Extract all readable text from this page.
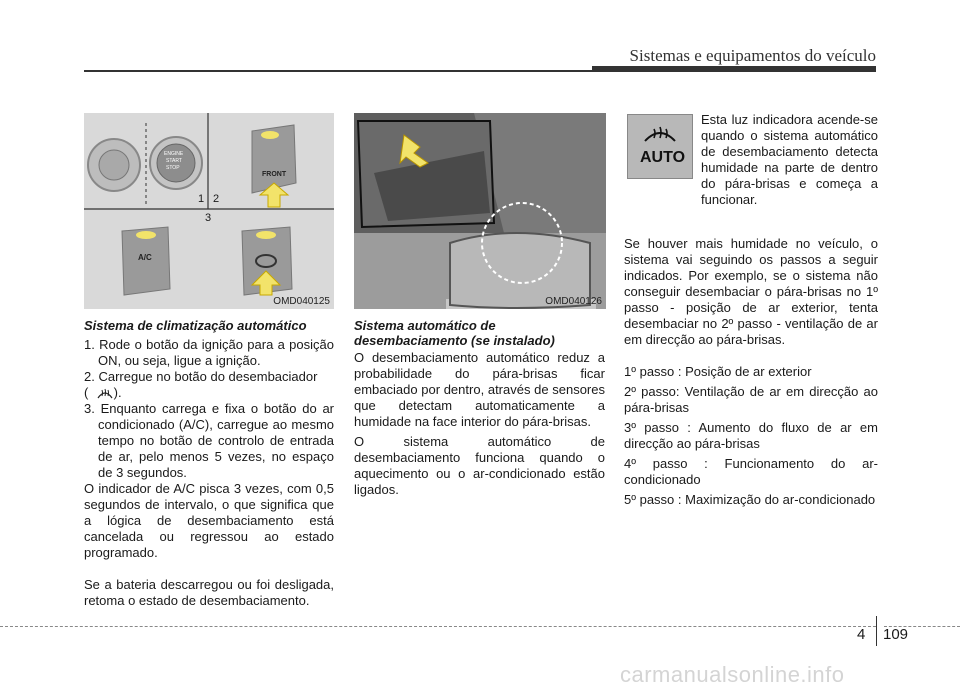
Sistemas e equipamentos do veículo
ENGINE
START
STOP
FRONT
A/C
1 2
3
OMD040125	OMD040126

Sistema de climatização automático

1. Rode o botão da ignição para a posição ON, ou seja, ligue a ignição.

2. Carregue no botão do desembaciador

(       ).

3. Enquanto carrega e fixa o botão do ar condicionado (A/C), carregue ao mesmo tempo no botão de controlo de entrada de ar, pelo menos 5 vezes, no espaço de 3 segundos.

O indicador de A/C pisca 3 vezes, com 0,5 segundos de intervalo, o que significa que a lógica de desembaciamento está cancelada ou regressou ao estado programado.

Se a bateria descarregou ou foi desligada, retoma o estado de desembaciamento.

Sistema automático de

desembaciamento (se instalado)

O desembaciamento automático reduz a probabilidade do pára-brisas ficar embaciado por dentro, através de sensores que detectam automaticamente a humidade na face interior do pára-brisas.

O sistema automático de desembaciamento funciona quando o aquecimento ou o ar-condicionado estão ligados.

AUTO
Esta luz indicadora acende-se quando o sistema automático de desembaciamento detecta humidade na parte de dentro do pára-brisas e começa a funcionar.

Se houver mais humidade no veículo, o sistema vai seguindo os passos a seguir indicados. Por exemplo, se o sistema não conseguir desembaciar o pára-brisas no 1º passo - posição de ar exterior, tenta desembaciar no 2º passo - ventilação de ar em direcção ao pára-brisas.

1º passo : Posição de ar exterior

2º passo: Ventilação de ar em direcção ao pára-brisas

3º passo : Aumento do fluxo de ar em direcção ao pára-brisas

4º passo : Funcionamento do ar-condicionado

5º passo : Maximização do ar-condicionado

4 109
carmanualsonline.info
